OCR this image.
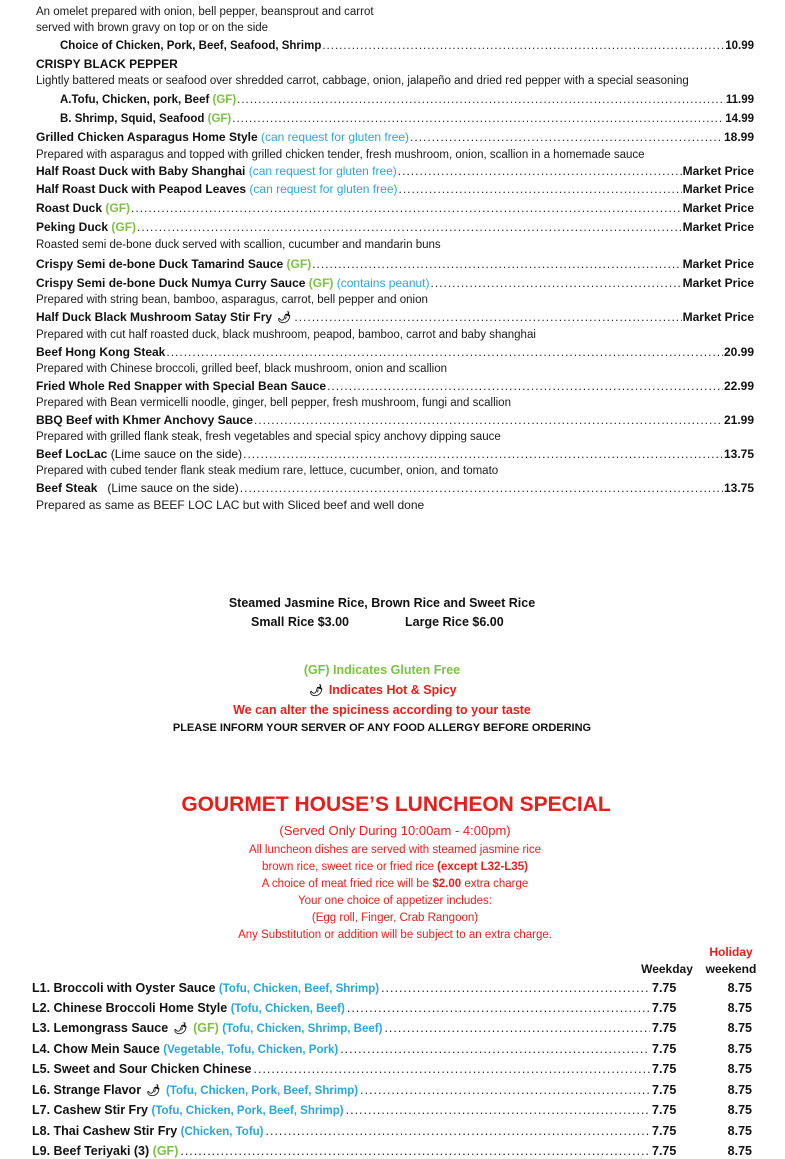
An omelet prepared with onion, bell pepper, beansprout and carrot
served with brown gravy on top or on the side
Choice of Chicken, Pork, Beef, Seafood, Shrimp .....	10.99
CRISPY BLACK PEPPER
Lightly battered meats or seafood over shredded carrot, cabbage, onion, jalapeño and dried red pepper with a special seasoning
A.Tofu, Chicken, pork, Beef (GF) .....	11.99
B. Shrimp, Squid, Seafood (GF) .....	14.99
Grilled Chicken Asparagus Home Style (can request for gluten free) .....	18.99
Prepared with asparagus and topped with grilled chicken tender, fresh mushroom, onion, scallion in a homemade sauce
Half Roast Duck with Baby Shanghai (can request for gluten free) .....	Market Price
Half Roast Duck with Peapod Leaves (can request for gluten free) .....	Market Price
Roast Duck (GF) .....	Market Price
Peking Duck (GF) .....	Market Price
Roasted semi de-bone duck served with scallion, cucumber and mandarin buns
Crispy Semi de-bone Duck Tamarind Sauce (GF) .....	Market Price
Crispy Semi de-bone Duck Numya Curry Sauce (GF) (contains peanut) .....	Market Price
Prepared with string bean, bamboo, asparagus, carrot, bell pepper and onion
Half Duck Black Mushroom Satay Stir Fry 🌶 .....	Market Price
Prepared with cut half roasted duck, black mushroom, peapod, bamboo, carrot and baby shanghai
Beef Hong Kong Steak .....	20.99
Prepared with Chinese broccoli, grilled beef, black mushroom, onion and scallion
Fried Whole Red Snapper with Special Bean Sauce .....	22.99
Prepared with Bean vermicelli noodle, ginger, bell pepper, fresh mushroom, fungi and scallion
BBQ Beef with Khmer Anchovy Sauce .....	21.99
Prepared with grilled flank steak, fresh vegetables and special spicy anchovy dipping sauce
Beef LocLac (Lime sauce on the side) .....	13.75
Prepared with cubed tender flank steak medium rare, lettuce, cucumber, onion, and tomato
Beef Steak (Lime sauce on the side) .....	13.75
Prepared as same as BEEF LOC LAC but with Sliced beef and well done
Steamed Jasmine Rice, Brown Rice and Sweet Rice
Small Rice $3.00	Large Rice $6.00
(GF) Indicates Gluten Free
🌶 Indicates Hot & Spicy
We can alter the spiciness according to your taste
PLEASE INFORM YOUR SERVER OF ANY FOOD ALLERGY BEFORE ORDERING
GOURMET HOUSE’S LUNCHEON SPECIAL
(Served Only During 10:00am - 4:00pm)
All luncheon dishes are served with steamed jasmine rice
brown rice, sweet rice or fried rice (except L32-L35)
A choice of meat fried rice will be $2.00 extra charge
Your one choice of appetizer includes:
(Egg roll, Finger, Crab Rangoon)
Any Substitution or addition will be subject to an extra charge.
Holiday
Weekday	weekend
L1. Broccoli with Oyster Sauce (Tofu, Chicken, Beef, Shrimp) .....	7.75	8.75
L2. Chinese Broccoli Home Style (Tofu, Chicken, Beef) .....	7.75	8.75
L3. Lemongrass Sauce 🌶 (GF) (Tofu, Chicken, Shrimp, Beef) .....	7.75	8.75
L4. Chow Mein Sauce (Vegetable, Tofu, Chicken, Pork) .....	7.75	8.75
L5. Sweet and Sour Chicken Chinese .....	7.75	8.75
L6. Strange Flavor 🌶 (Tofu, Chicken, Pork, Beef, Shrimp) .....	7.75	8.75
L7. Cashew Stir Fry (Tofu, Chicken, Pork, Beef, Shrimp) .....	7.75	8.75
L8. Thai Cashew Stir Fry (Chicken, Tofu) .....	7.75	8.75
L9. Beef Teriyaki (3) (GF) .....	7.75	8.75
